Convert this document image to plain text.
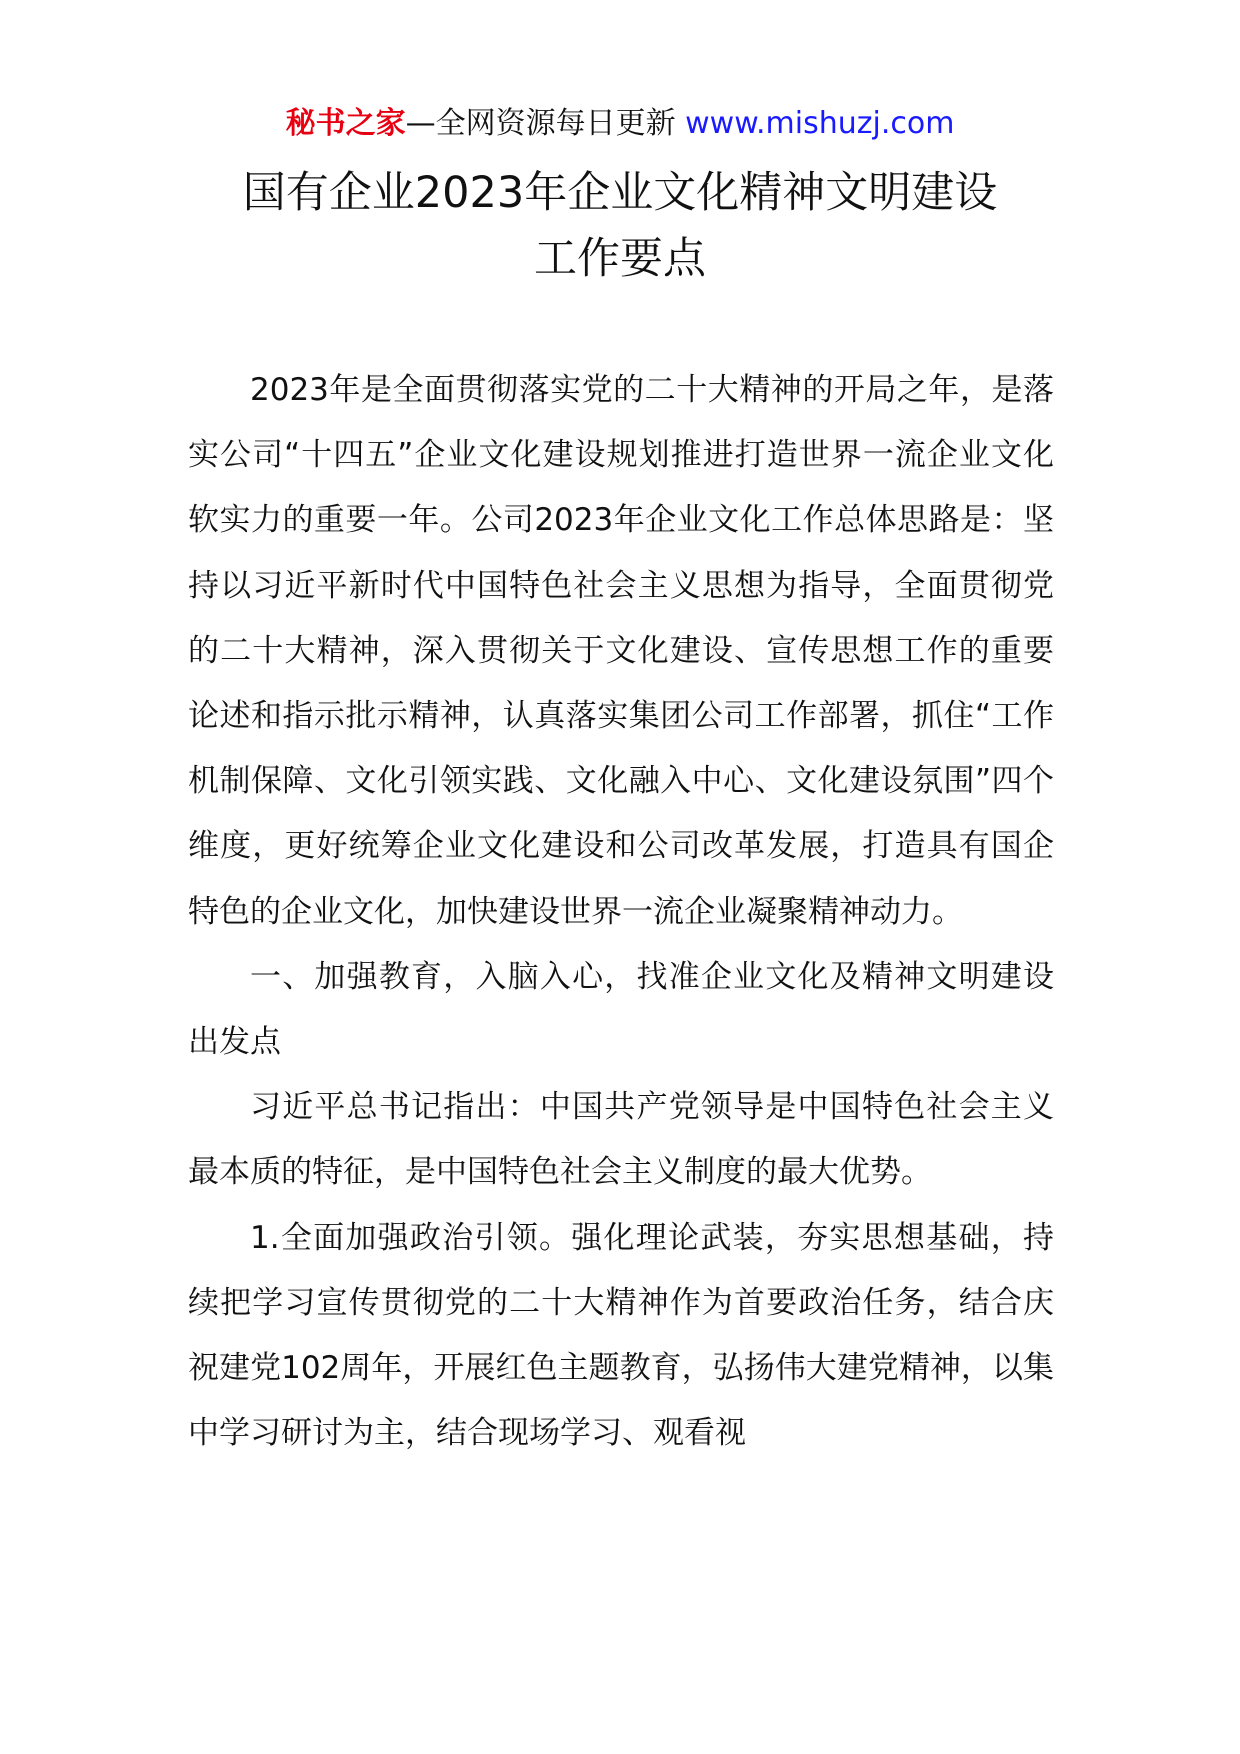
秘书之家—全网资源每日更新 www.mishuzj.com
国有企业2023年企业文化精神文明建设
工作要点

2023年是全面贯彻落实党的二十大精神的开局之年，是落实公司“十四五”企业文化建设规划推进打造世界一流企业文化软实力的重要一年。公司2023年企业文化工作总体思路是：坚持以习近平新时代中国特色社会主义思想为指导，全面贯彻党的二十大精神，深入贯彻关于文化建设、宣传思想工作的重要论述和指示批示精神，认真落实集团公司工作部署，抓住“工作机制保障、文化引领实践、文化融入中心、文化建设氛围”四个维度，更好统筹企业文化建设和公司改革发展，打造具有国企特色的企业文化，加快建设世界一流企业凝聚精神动力。

一、加强教育，入脑入心，找准企业文化及精神文明建设出发点

习近平总书记指出：中国共产党领导是中国特色社会主义最本质的特征，是中国特色社会主义制度的最大优势。

1.全面加强政治引领。强化理论武装，夯实思想基础，持续把学习宣传贯彻党的二十大精神作为首要政治任务，结合庆祝建党102周年，开展红色主题教育，弘扬伟大建党精神，以集中学习研讨为主，结合现场学习、观看视
